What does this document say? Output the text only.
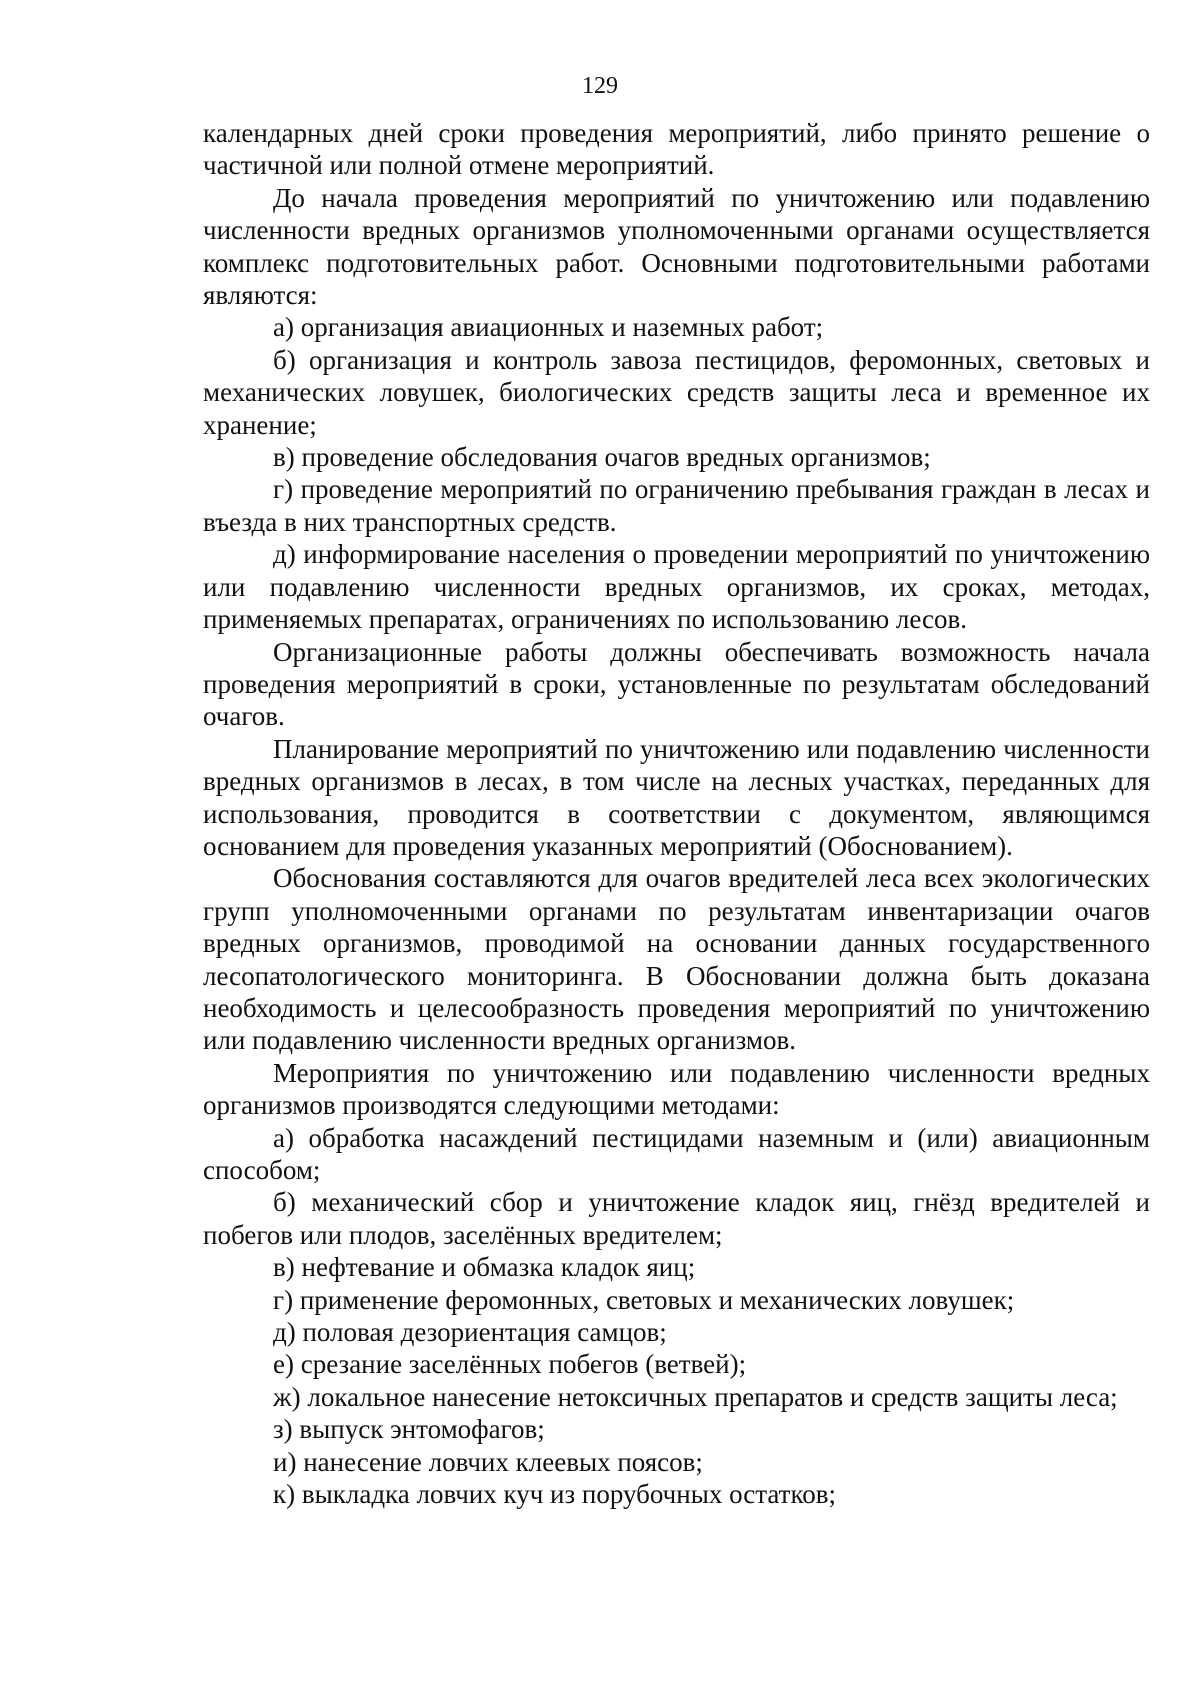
129

календарных дней сроки проведения мероприятий, либо принято решение о частичной или полной отмене мероприятий.

До начала проведения мероприятий по уничтожению или подавлению численности вредных организмов уполномоченными органами осуществляется комплекс подготовительных работ. Основными подготовительными работами являются:

а) организация авиационных и наземных работ;

б) организация и контроль завоза пестицидов, феромонных, световых и механических ловушек, биологических средств защиты леса и временное их хранение;

в) проведение обследования очагов вредных организмов;

г) проведение мероприятий по ограничению пребывания граждан в лесах и въезда в них транспортных средств.

д) информирование населения о проведении мероприятий по уничтожению или подавлению численности вредных организмов, их сроках, методах, применяемых препаратах, ограничениях по использованию лесов.

Организационные работы должны обеспечивать возможность начала проведения мероприятий в сроки, установленные по результатам обследований очагов.

Планирование мероприятий по уничтожению или подавлению численности вредных организмов в лесах, в том числе на лесных участках, переданных для использования, проводится в соответствии с документом, являющимся основанием для проведения указанных мероприятий (Обоснованием).

Обоснования составляются для очагов вредителей леса всех экологических групп уполномоченными органами по результатам инвентаризации очагов вредных организмов, проводимой на основании данных государственного лесопатологического мониторинга. В Обосновании должна быть доказана необходимость и целесообразность проведения мероприятий по уничтожению или подавлению численности вредных организмов.

Мероприятия по уничтожению или подавлению численности вредных организмов производятся следующими методами:

а) обработка насаждений пестицидами наземным и (или) авиационным способом;

б) механический сбор и уничтожение кладок яиц, гнёзд вредителей и побегов или плодов, заселённых вредителем;

в) нефтевание и обмазка кладок яиц;

г) применение феромонных, световых и механических ловушек;

д) половая дезориентация самцов;

е) срезание заселённых побегов (ветвей);

ж) локальное нанесение нетоксичных препаратов и средств защиты леса;

з) выпуск энтомофагов;

и) нанесение ловчих клеевых поясов;

к) выкладка ловчих куч из порубочных остатков;
